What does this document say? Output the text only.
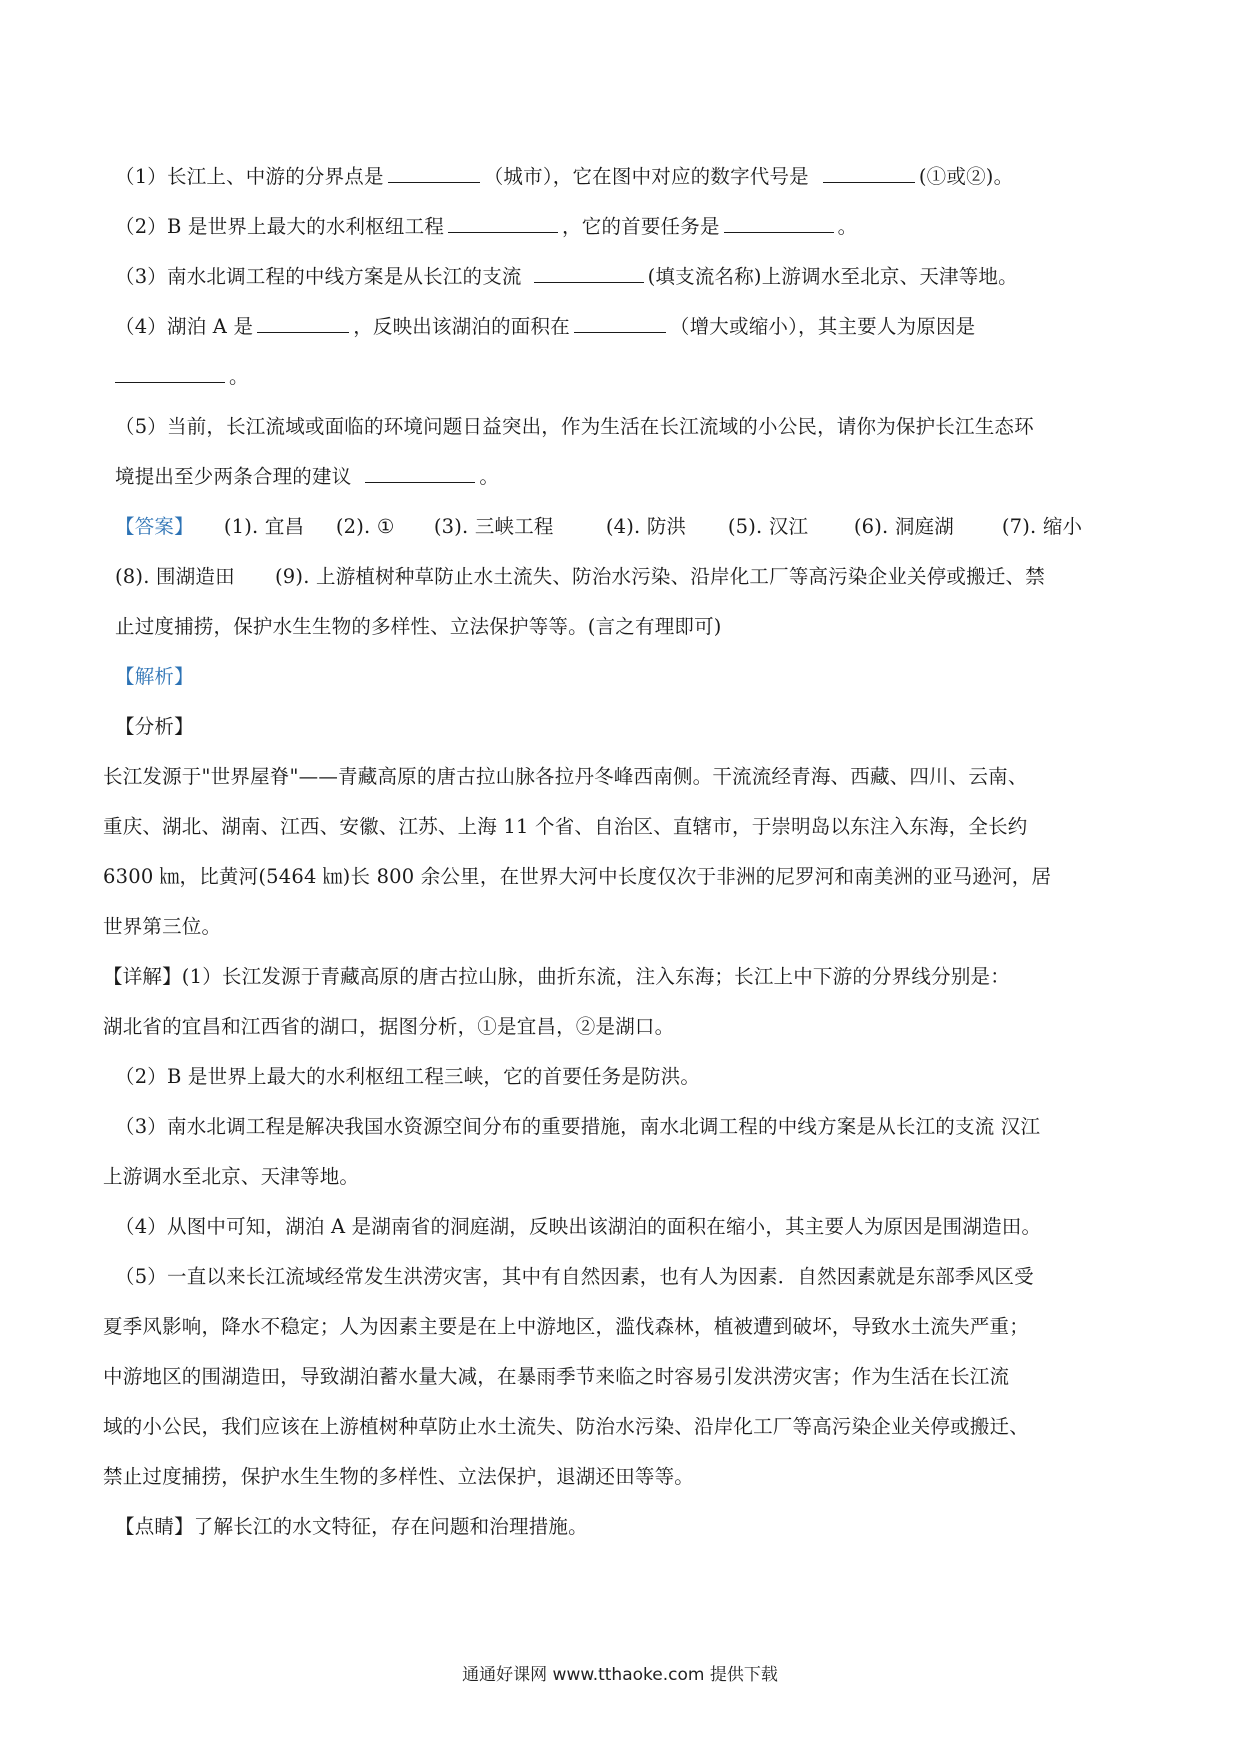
（1）长江上、中游的分界点是	（城市），它在图中对应的数字代号是	(①或②)。
（2）B 是世界上最大的水利枢纽工程	，它的首要任务是	。
（3）南水北调工程的中线方案是从长江的支流	(填支流名称)上游调水至北京、天津等地。
（4）湖泊 A 是	，反映出该湖泊的面积在	（增大或缩小），其主要人为原因是
。
（5）当前，长江流域或面临的环境问题日益突出，作为生活在长江流域的小公民，请你为保护长江生态环
境提出至少两条合理的建议	。
【答案】 (1). 宜昌 (2). ① (3). 三峡工程	(4). 防洪 (5). 汉江 (6). 洞庭湖 (7). 缩小
(8). 围湖造田 (9). 上游植树种草防止水土流失、防治水污染、沿岸化工厂等高污染企业关停或搬迁、禁
止过度捕捞，保护水生生物的多样性、立法保护等等。(言之有理即可)
【解析】
【分析】
长江发源于"世界屋脊"——青藏高原的唐古拉山脉各拉丹冬峰西南侧。干流流经青海、西藏、四川、云南、
重庆、湖北、湖南、江西、安徽、江苏、上海 11 个省、自治区、直辖市，于崇明岛以东注入东海，全长约
6300 ㎞，比黄河(5464 ㎞)长 800 余公里，在世界大河中长度仅次于非洲的尼罗河和南美洲的亚马逊河，居
世界第三位。
【详解】(1）长江发源于青藏高原的唐古拉山脉，曲折东流，注入东海；长江上中下游的分界线分别是：
湖北省的宜昌和江西省的湖口，据图分析，①是宜昌，②是湖口。
（2）B 是世界上最大的水利枢纽工程三峡，它的首要任务是防洪。
（3）南水北调工程是解决我国水资源空间分布的重要措施，南水北调工程的中线方案是从长江的支流 汉江
上游调水至北京、天津等地。
（4）从图中可知，湖泊 A 是湖南省的洞庭湖，反映出该湖泊的面积在缩小，其主要人为原因是围湖造田。
（5）一直以来长江流域经常发生洪涝灾害，其中有自然因素，也有人为因素．自然因素就是东部季风区受
夏季风影响，降水不稳定；人为因素主要是在上中游地区，滥伐森林，植被遭到破坏，导致水土流失严重；
中游地区的围湖造田，导致湖泊蓄水量大减，在暴雨季节来临之时容易引发洪涝灾害；作为生活在长江流
域的小公民，我们应该在上游植树种草防止水土流失、防治水污染、沿岸化工厂等高污染企业关停或搬迁、
禁止过度捕捞，保护水生生物的多样性、立法保护，退湖还田等等。
【点睛】了解长江的水文特征，存在问题和治理措施。
通通好课网 www.tthaoke.com 提供下载
